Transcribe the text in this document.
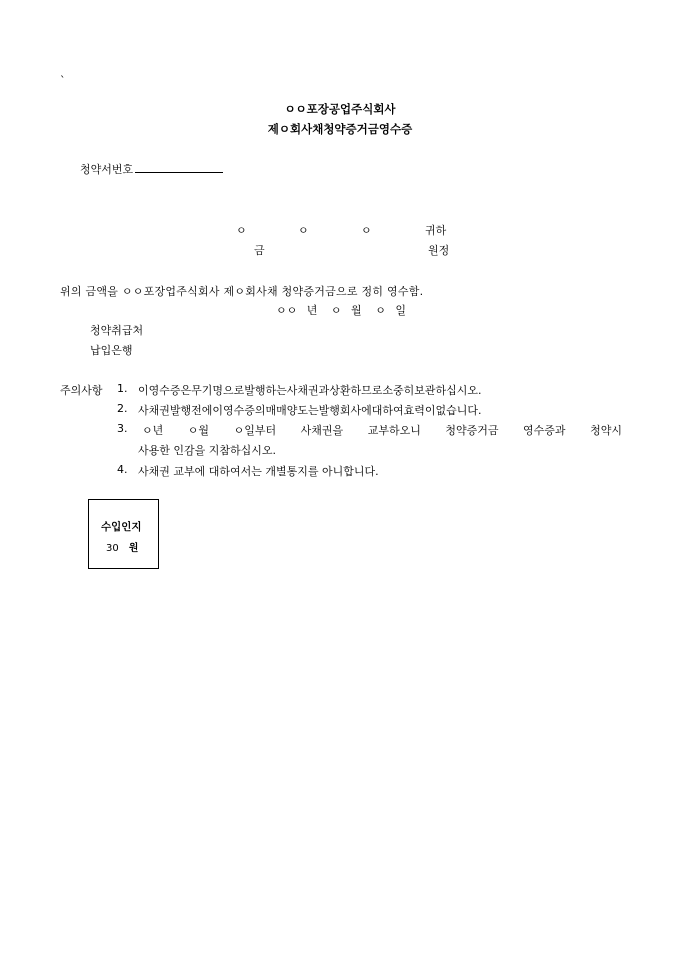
`
ㅇㅇ포장공업주식회사
제ㅇ회사채청약증거금영수증
청약서번호
ㅇ	ㅇ	ㅇ	귀하
금	원정
위의 금액을 ㅇㅇ포장업주식회사 제ㅇ회사채 청약증거금으로 정히 영수함.
ㅇㅇ 년 ㅇ 월 ㅇ 일
청약취급처
납입은행
주의사항 1. 이영수증은무기명으로발행하는사채권과상환하므로소중히보관하십시오.
2. 사채권발행전에이영수증의매매양도는발행회사에대하여효력이없습니다.
3. ㅇ년 ㅇ월 ㅇ일부터 사채권을 교부하오니 청약증거금 영수증과 청약시
사용한 인감을 지참하십시오.
4. 사채권 교부에 대하여서는 개별통지를 아니합니다.
수입인지
30 원
